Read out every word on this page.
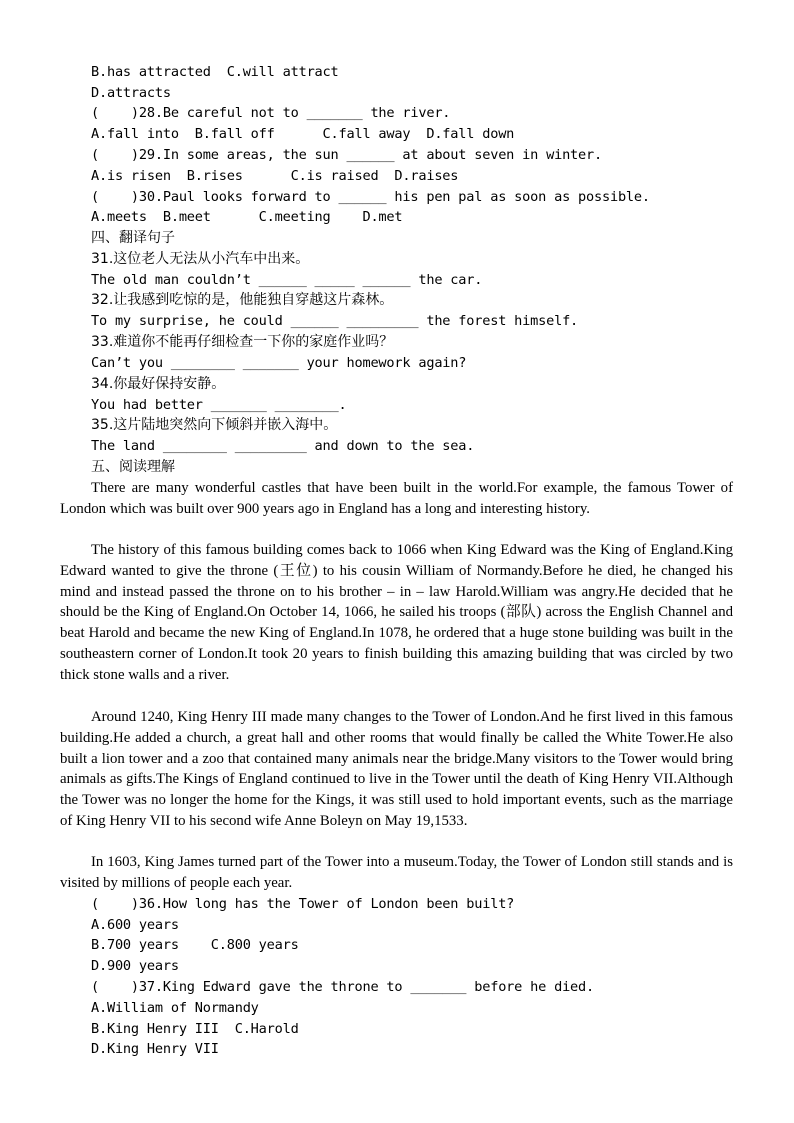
B.has attracted  C.will attract
D.attracts
(    )28.Be careful not to _______ the river.
A.fall into  B.fall off      C.fall away  D.fall down
(    )29.In some areas, the sun ______ at about seven in winter.
A.is risen  B.rises      C.is raised  D.raises
(    )30.Paul looks forward to ______ his pen pal as soon as possible.
A.meets  B.meet      C.meeting    D.met
四、翻译句子
31.这位老人无法从小汽车中出来。
The old man couldn’t ______ _____ ______ the car.
32.让我感到吃惊的是，他能独自穿越这片森林。
To my surprise, he could ______ _________ the forest himself.
33.难道你不能再仔细检查一下你的家庭作业吗？
Can’t you ________ _______ your homework again?
34.你最好保持安静。
You had better _______ ________.
35.这片陆地突然向下倾斜并嵌入海中。
The land ________ _________ and down to the sea.
五、阅读理解

There are many wonderful castles that have been built in the world.For example, the famous Tower of London which was built over 900 years ago in England has a long and interesting history.

The history of this famous building comes back to 1066 when King Edward was the King of England.King Edward wanted to give the throne (王位) to his cousin William of Normandy.Before he died, he changed his mind and instead passed the throne on to his brother – in – law Harold.William was angry.He decided that he should be the King of England.On October 14, 1066, he sailed his troops (部队) across the English Channel and beat Harold and became the new King of England.In 1078, he ordered that a huge stone building was built in the southeastern corner of London.It took 20 years to finish building this amazing building that was circled by two thick stone walls and a river.

Around 1240, King Henry III made many changes to the Tower of London.And he first lived in this famous building.He added a church, a great hall and other rooms that would finally be called the White Tower.He also built a lion tower and a zoo that contained many animals near the bridge.Many visitors to the Tower would bring animals as gifts.The Kings of England continued to live in the Tower until the death of King Henry VII.Although the Tower was no longer the home for the Kings, it was still used to hold important events, such as the marriage of King Henry VII to his second wife Anne Boleyn on May 19,1533.

In 1603, King James turned part of the Tower into a museum.Today, the Tower of London still stands and is visited by millions of people each year.

(    )36.How long has the Tower of London been built?
A.600 years
B.700 years    C.800 years
D.900 years
(    )37.King Edward gave the throne to _______ before he died.
A.William of Normandy
B.King Henry III  C.Harold
D.King Henry VII
